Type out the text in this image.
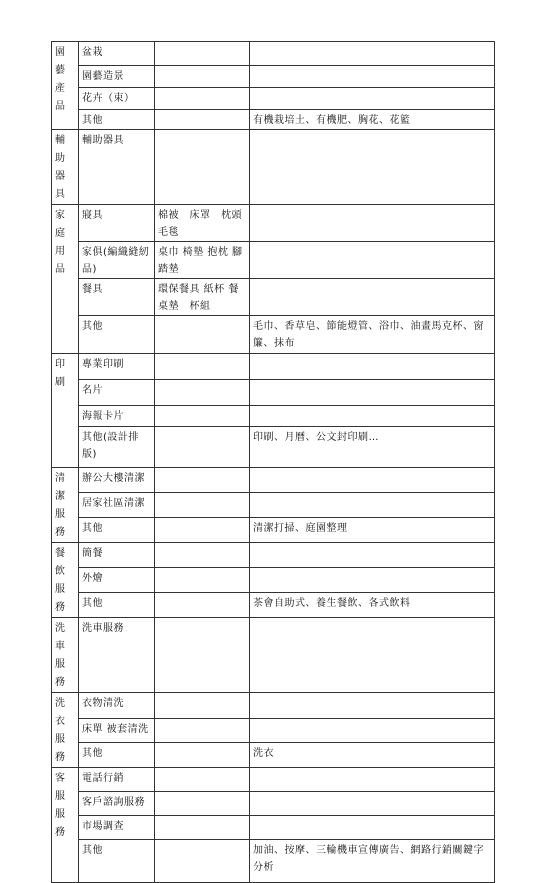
園藝產品	盆栽		
	園藝造景		
	花卉（束）		
	其他		有機栽培土、有機肥、胸花、花籃
輔助器具	輔助器具		
家庭用品	寢具	棉被　床罩　枕頭　毛毯	
	家俱(編織縫紉品)	桌巾 椅墊 抱枕 腳踏墊	
	餐具	環保餐具 紙杯 餐桌墊　杯組	
	其他		毛巾、香草皂、節能燈管、浴巾、油畫馬克杯、窗簾、抹布
印刷	專業印刷		
	名片		
	海報卡片		
	其他(設計排版)		印刷、月曆、公文封印刷…
清潔服務	辦公大樓清潔		
	居家社區清潔		
	其他		清潔打掃、庭園整理
餐飲服務	簡餐		
	外燴		
	其他		茶會自助式、養生餐飲、各式飲料
洗車服務	洗車服務		
洗衣服務	衣物清洗		
	床單 被套清洗		
	其他		洗衣
客服服務	電話行銷		
	客戶諮詢服務		
	市場調查		
	其他		加油、按摩、三輪機車宣傳廣告、網路行銷關鍵字分析
